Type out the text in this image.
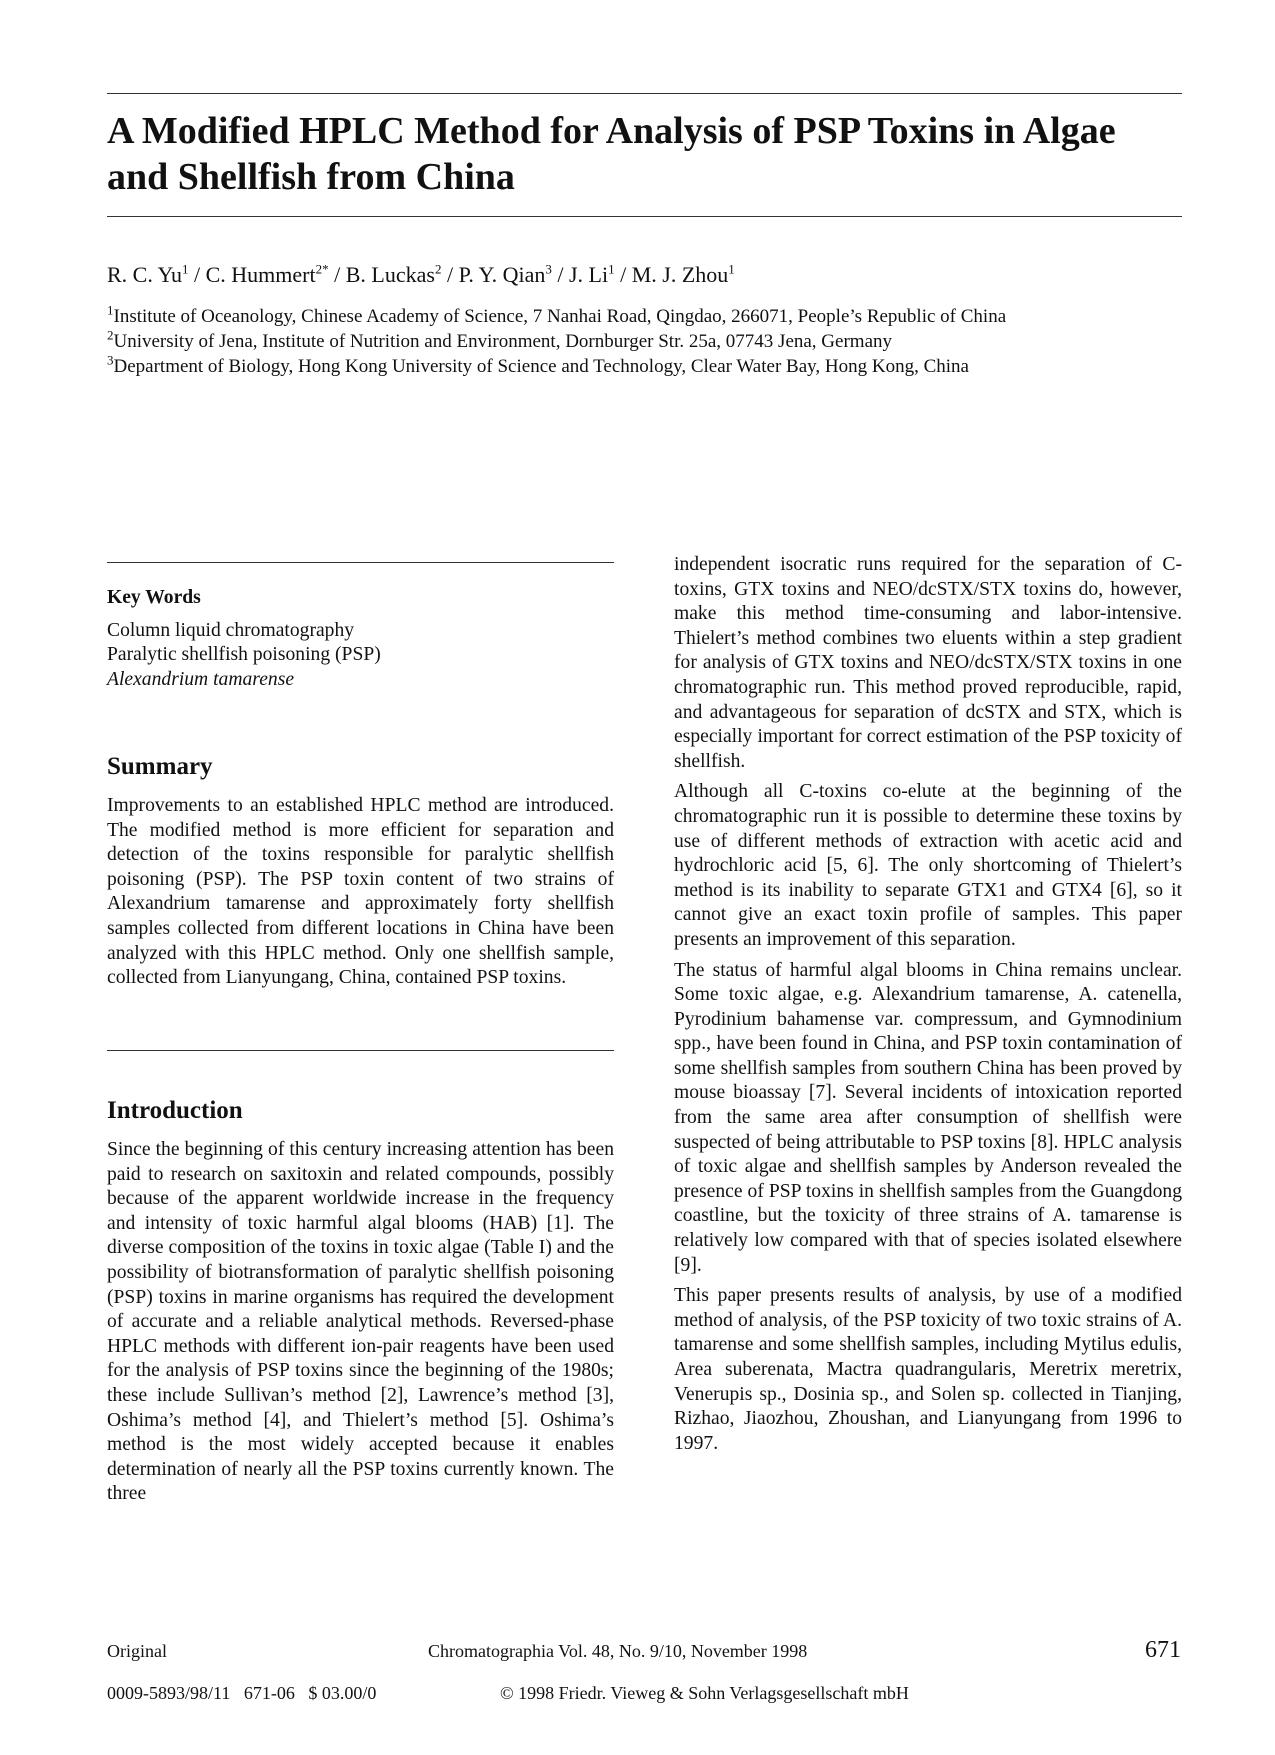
A Modified HPLC Method for Analysis of PSP Toxins in Algae and Shellfish from China
R. C. Yu$^1$ / C. Hummert$^{2*}$ / B. Luckas$^2$ / P. Y. Qian$^3$ / J. Li$^1$ / M. J. Zhou$^1$
$^1$Institute of Oceanology, Chinese Academy of Science, 7 Nanhai Road, Qingdao, 266071, People’s Republic of China
$^2$University of Jena, Institute of Nutrition and Environment, Dornburger Str. 25a, 07743 Jena, Germany
$^3$Department of Biology, Hong Kong University of Science and Technology, Clear Water Bay, Hong Kong, China
Key Words
Column liquid chromatography
Paralytic shellfish poisoning (PSP)
Alexandrium tamarense
Summary

Improvements to an established HPLC method are introduced. The modified method is more efficient for separation and detection of the toxins responsible for paralytic shellfish poisoning (PSP). The PSP toxin content of two strains of Alexandrium tamarense and approximately forty shellfish samples collected from different locations in China have been analyzed with this HPLC method. Only one shellfish sample, collected from Lianyungang, China, contained PSP toxins.

Introduction

Since the beginning of this century increasing attention has been paid to research on saxitoxin and related compounds, possibly because of the apparent worldwide increase in the frequency and intensity of toxic harmful algal blooms (HAB) [1]. The diverse composition of the toxins in toxic algae (Table I) and the possibility of biotransformation of paralytic shellfish poisoning (PSP) toxins in marine organisms has required the development of accurate and a reliable analytical methods. Reversed-phase HPLC methods with different ion-pair reagents have been used for the analysis of PSP toxins since the beginning of the 1980s; these include Sullivan’s method [2], Lawrence’s method [3], Oshima’s method [4], and Thielert’s method [5]. Oshima’s method is the most widely accepted because it enables determination of nearly all the PSP toxins currently known. The three

independent isocratic runs required for the separation of C-toxins, GTX toxins and NEO/dcSTX/STX toxins do, however, make this method time-consuming and labor-intensive. Thielert’s method combines two eluents within a step gradient for analysis of GTX toxins and NEO/dcSTX/STX toxins in one chromatographic run. This method proved reproducible, rapid, and advantageous for separation of dcSTX and STX, which is especially important for correct estimation of the PSP toxicity of shellfish.

Although all C-toxins co-elute at the beginning of the chromatographic run it is possible to determine these toxins by use of different methods of extraction with acetic acid and hydrochloric acid [5, 6]. The only shortcoming of Thielert’s method is its inability to separate GTX1 and GTX4 [6], so it cannot give an exact toxin profile of samples. This paper presents an improvement of this separation.

The status of harmful algal blooms in China remains unclear. Some toxic algae, e.g. Alexandrium tamarense, A. catenella, Pyrodinium bahamense var. compressum, and Gymnodinium spp., have been found in China, and PSP toxin contamination of some shellfish samples from southern China has been proved by mouse bioassay [7]. Several incidents of intoxication reported from the same area after consumption of shellfish were suspected of being attributable to PSP toxins [8]. HPLC analysis of toxic algae and shellfish samples by Anderson revealed the presence of PSP toxins in shellfish samples from the Guangdong coastline, but the toxicity of three strains of A. tamarense is relatively low compared with that of species isolated elsewhere [9].

This paper presents results of analysis, by use of a modified method of analysis, of the PSP toxicity of two toxic strains of A. tamarense and some shellfish samples, including Mytilus edulis, Area suberenata, Mactra quadrangularis, Meretrix meretrix, Venerupis sp., Dosinia sp., and Solen sp. collected in Tianjing, Rizhao, Jiaozhou, Zhoushan, and Lianyungang from 1996 to 1997.

Original	Chromatographia Vol. 48, No. 9/10, November 1998	671
0009-5893/98/11   671-06   $ 03.00/0	© 1998 Friedr. Vieweg & Sohn Verlagsgesellschaft mbH
